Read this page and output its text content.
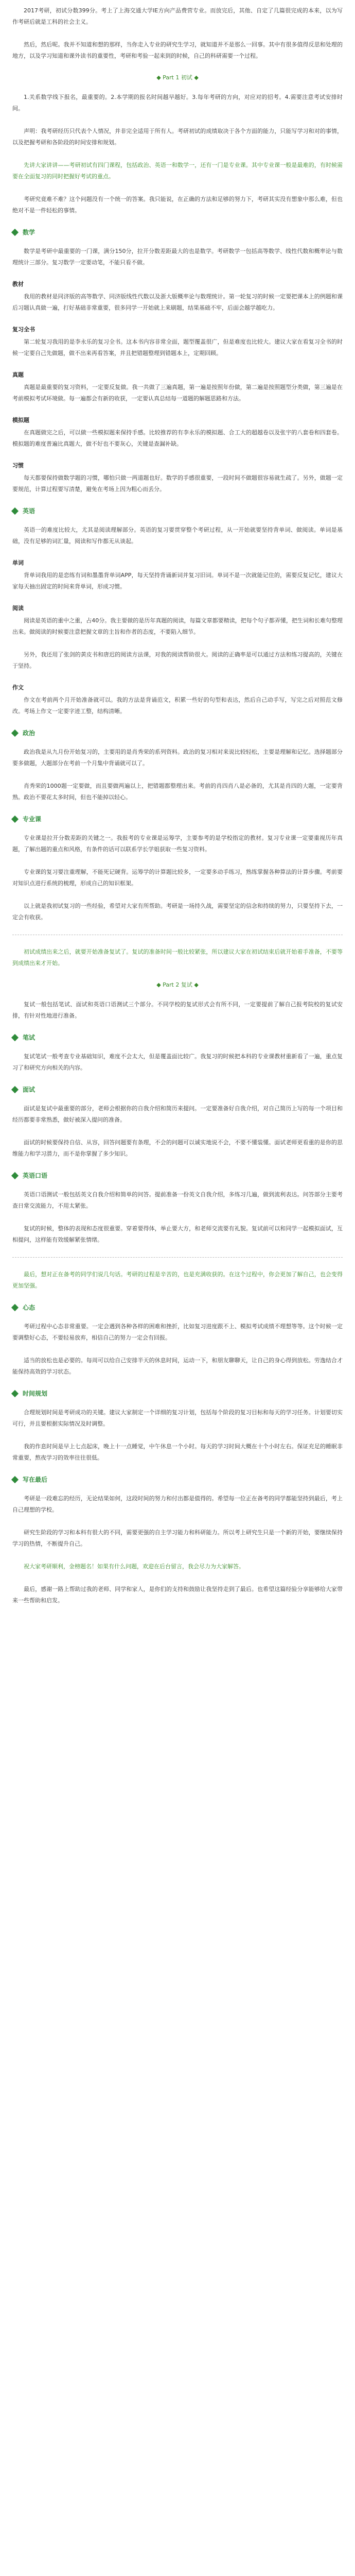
2017考研，初试分数399分。考上了上海交通大学IE方向产品费营专业。而放完后，其他、自定了几篇很完成的本来，以为写作考研后就是工科的社会主义。

然后，然后呢。我并不知道和想的那样，当你走入专业的研究生学习，就知道并不是那么一回事。其中有很多值得反思和处理的地方，以及学习知道和课外读书的重要性，考研和考验一起来到的时候，自己的科研需要一个过程。

◆ Part 1 初试 ◆

1.关系数学线下报名，最重要的。2.本学期的报名时间越早越好。3.每年考研的方向，对应对的招考。4.需要注意考试安排时间。

声明：我考研经历只代表个人情况，并非完全适用于所有人。考研初试的成绩取决于各个方面的能力，只能写学习和对的事情，以及把握考研和各阶段的时间安排和规划。

先讲大家讲讲——考研初试有四门课程，包括政治、英语一和数学一，还有一门是专业课。其中专业课一般是最难的，有时候需要在全面复习的同时把握好考试的重点。

考研究竟难不难？这个问题没有一个统一的答案。我只能说，在正确的方法和足够的努力下，考研其实没有想象中那么难，但也绝对不是一件轻松的事情。

数学

数学是考研中最重要的一门课，满分150分，拉开分数差距最大的也是数学。考研数学一包括高等数学、线性代数和概率论与数理统计三部分。复习数学一定要动笔，不能只看不做。

教材

我用的教材是同济版的高等数学、同济版线性代数以及浙大版概率论与数理统计。第一轮复习的时候一定要把课本上的例题和课后习题认真做一遍，打好基础非常重要，很多同学一开始就上来刷题，结果基础不牢，后面会越学越吃力。

复习全书

第二轮复习我用的是李永乐的复习全书。这本书内容非常全面，题型覆盖很广，但是难度也比较大。建议大家在看复习全书的时候一定要自己先做题，做不出来再看答案，并且把错题整理到错题本上，定期回顾。

真题

真题是最重要的复习资料，一定要反复做。我一共做了三遍真题，第一遍是按照年份做，第二遍是按照题型分类做，第三遍是在考前模拟考试环境做。每一遍都会有新的收获，一定要认真总结每一道题的解题思路和方法。

模拟题

在真题做完之后，可以做一些模拟题来保持手感。比较推荐的有李永乐的模拟题、合工大的超越卷以及张宇的八套卷和四套卷。模拟题的难度普遍比真题大，做不好也不要灰心，关键是查漏补缺。

习惯

每天都要保持做数学题的习惯，哪怕只做一两道题也好。数学的手感很重要，一段时间不做题很容易就生疏了。另外，做题一定要规范，计算过程要写清楚，避免在考场上因为粗心而丢分。

英语

英语一的难度比较大，尤其是阅读理解部分。英语的复习要贯穿整个考研过程，从一开始就要坚持背单词、做阅读。单词是基础，没有足够的词汇量，阅读和写作都无从谈起。

单词

背单词我用的是恋练有词和墨墨背单词APP，每天坚持背诵新词并复习旧词。单词不是一次就能记住的，需要反复记忆，建议大家每天抽出固定的时间来背单词，形成习惯。

阅读

阅读是英语的重中之重，占40分。我主要做的是历年真题的阅读，每篇文章都要精读，把每个句子都弄懂，把生词和长难句整理出来。做阅读的时候要注意把握文章的主旨和作者的态度，不要陷入细节。

另外，我还用了张剑的黄皮书和唐迟的阅读方法课，对我的阅读帮助很大。阅读的正确率是可以通过方法和练习提高的，关键在于坚持。

作文

作文在考前两个月开始准备就可以。我的方法是背诵范文，积累一些好的句型和表达，然后自己动手写，写完之后对照范文修改。考场上作文一定要字迹工整，结构清晰。

政治

政治我是从九月份开始复习的，主要用的是肖秀荣的系列资料。政治的复习相对来说比较轻松，主要是理解和记忆。选择题部分要多做题，大题部分在考前一个月集中背诵就可以了。

肖秀荣的1000题一定要做，而且要做两遍以上，把错题都整理出来。考前的肖四肖八是必备的，尤其是肖四的大题，一定要背熟。政治不要花太多时间，但也不能掉以轻心。

专业课

专业课是拉开分数差距的关键之一。我报考的专业课是运筹学，主要参考的是学校指定的教材。复习专业课一定要重视历年真题，了解出题的重点和风格，有条件的话可以联系学长学姐获取一些复习资料。

专业课的复习要注重理解，不能死记硬背。运筹学的计算题比较多，一定要多动手练习，熟练掌握各种算法的计算步骤。考前要对知识点进行系统的梳理，形成自己的知识框架。

以上就是我初试复习的一些经验，希望对大家有所帮助。考研是一场持久战，需要坚定的信念和持续的努力，只要坚持下去，一定会有收获。

初试成绩出来之后，就要开始准备复试了。复试的准备时间一般比较紧张，所以建议大家在初试结束后就开始着手准备，不要等到成绩出来才开始。

◆ Part 2 复试 ◆

复试一般包括笔试、面试和英语口语测试三个部分。不同学校的复试形式会有所不同，一定要提前了解自己报考院校的复试安排，有针对性地进行准备。

笔试

复试笔试一般考查专业基础知识，难度不会太大，但是覆盖面比较广。我复习的时候把本科的专业课教材重新看了一遍，重点复习了和研究方向相关的内容。

面试

面试是复试中最重要的部分，老师会根据你的自我介绍和简历来提问。一定要准备好自我介绍，对自己简历上写的每一个项目和经历都要非常熟悉，做好被深入提问的准备。

面试的时候要保持自信、从容，回答问题要有条理，不会的问题可以诚实地说不会，不要不懂装懂。面试老师更看重的是你的思维能力和学习潜力，而不是你掌握了多少知识。

英语口语

英语口语测试一般包括英文自我介绍和简单的问答。提前准备一份英文自我介绍，多练习几遍，做到流利表达。问答部分主要考查日常交流能力，不用太紧张。

复试的时候，整体的表现和态度很重要。穿着要得体，举止要大方，和老师交流要有礼貌。复试前可以和同学一起模拟面试，互相提问，这样能有效缓解紧张情绪。

最后，想对正在备考的同学们说几句话。考研的过程是辛苦的，也是充满收获的。在这个过程中，你会更加了解自己，也会变得更加坚强。

心态

考研过程中心态非常重要。一定会遇到各种各样的困难和挫折，比如复习进度跟不上、模拟考试成绩不理想等等。这个时候一定要调整好心态，不要轻易放弃，相信自己的努力一定会有回报。

适当的放松也是必要的。每周可以给自己安排半天的休息时间，运动一下，和朋友聊聊天，让自己的身心得到放松。劳逸结合才能保持高效的学习状态。

时间规划

合理规划时间是考研成功的关键。建议大家制定一个详细的复习计划，包括每个阶段的复习目标和每天的学习任务。计划要切实可行，并且要根据实际情况及时调整。

我的作息时间是早上七点起床，晚上十一点睡觉，中午休息一个小时。每天的学习时间大概在十个小时左右。保证充足的睡眠非常重要，熬夜学习的效率往往很低。

写在最后

考研是一段难忘的经历，无论结果如何，这段时间的努力和付出都是值得的。希望每一位正在备考的同学都能坚持到最后，考上自己理想的学校。

研究生阶段的学习和本科有很大的不同，需要更强的自主学习能力和科研能力。所以考上研究生只是一个新的开始，要继续保持学习的热情，不断提升自己。

祝大家考研顺利，金榜题名！如果有什么问题，欢迎在后台留言，我会尽力为大家解答。

最后，感谢一路上帮助过我的老师、同学和家人，是你们的支持和鼓励让我坚持走到了最后。也希望这篇经验分享能够给大家带来一些帮助和启发。
